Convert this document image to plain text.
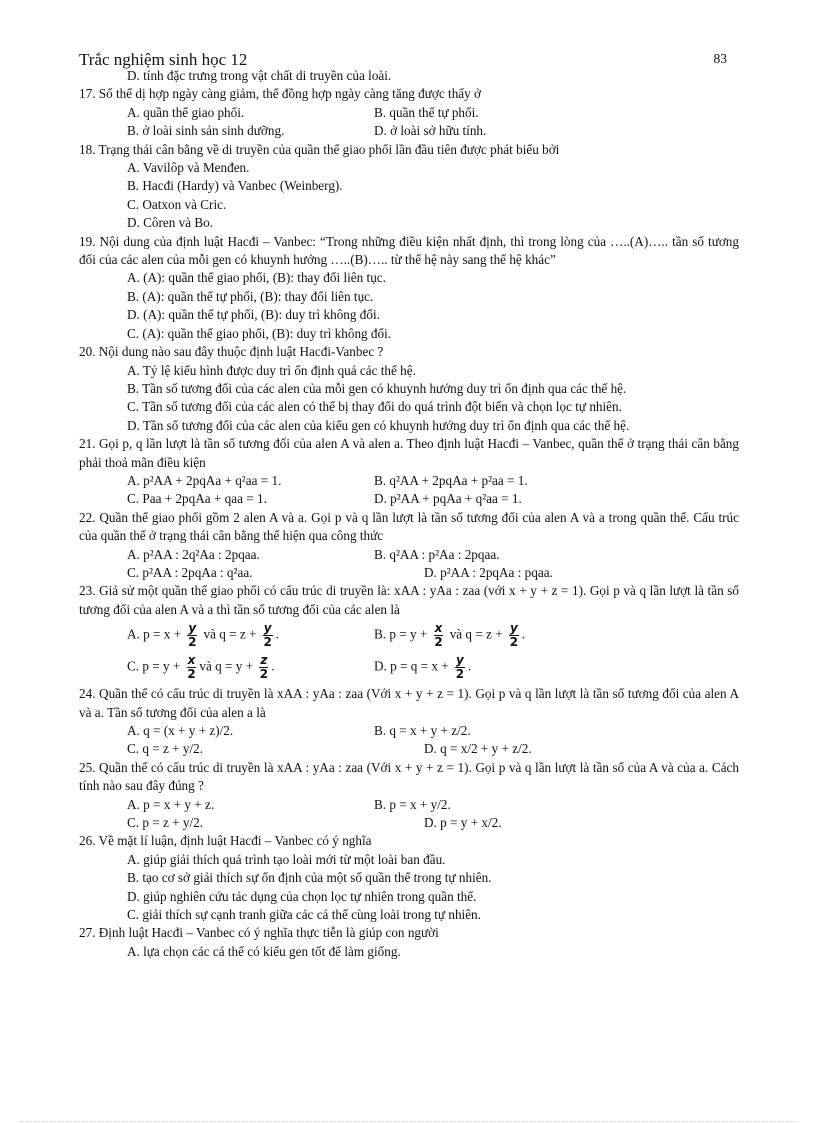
Trắc nghiệm sinh học 12	83

D. tính đặc trưng trong vật chất di truyền của loài.

17. Số thể dị hợp ngày càng giảm, thể đồng hợp ngày càng tăng được thấy ở

A. quần thể giao phối.	B. quần thể tự phối.
B. ở loài sinh sản sinh dưỡng.	D. ở loài sở hữu tính.

18. Trạng thái cân bằng về di truyền của quần thể giao phối lần đầu tiên được phát biểu bởi

A. Vavilôp và Menđen.

B. Hacđi (Hardy) và Vanbec (Weinberg).

C. Oatxon và Cric.

D. Côren và Bo.

19. Nội dung của định luật Hacđi – Vanbec: “Trong những điều kiện nhất định, thì trong lòng của …..(A)….. tần số tương đối của các alen của mỗi gen có khuynh hướng …..(B)….. từ thế hệ này sang thế hệ khác”

A. (A): quần thể giao phối, (B): thay đổi liên tục.

B. (A): quần thể tự phối, (B): thay đổi liên tục.

D. (A): quần thể tự phối, (B): duy trì không đổi.

C. (A): quần thể giao phối, (B): duy trì không đổi.

20. Nội dung nào sau đây thuộc định luật Hacđi-Vanbec ?

A. Tỷ lệ kiểu hình được duy trì ổn định quá các thế hệ.

B. Tần số tương đối của các alen của mỗi gen có khuynh hướng duy trì ổn định qua các thế hệ.

C. Tần số tương đối của các alen có thể bị thay đổi do quá trình đột biến và chọn lọc tự nhiên.

D. Tần số tương đối của các alen của kiểu gen có khuynh hướng duy trì ổn định qua các thế hệ.

21. Gọi p, q lần lượt là tần số tương đối của alen A và alen a. Theo định luật Hacđi – Vanbec, quần thể ở trạng thái cân bằng phải thoả mãn điều kiện

A. p²AA + 2pqAa + q²aa = 1.	B. q²AA + 2pqAa + p²aa = 1.
C. Paa + 2pqAa + qaa = 1.	D. p²AA + pqAa + q²aa = 1.

22. Quần thể giao phối gồm 2 alen A và a. Gọi p và q lần lượt là tần số tương đối của alen A và a trong quần thể. Cấu trúc của quần thể ở trạng thái cân bằng thể hiện qua công thức

A. p²AA : 2q²Aa : 2pqaa.	B. q²AA : p²Aa : 2pqaa.
C. p²AA : 2pqAa : q²aa.	D. p²AA : 2pqAa : pqaa.

23. Giả sử một quần thể giao phối có cấu trúc di truyền là: xAA : yAa : zaa (với x + y + z = 1). Gọi p và q lần lượt là tần số tương đối của alen A và a thì tần số tương đối của các alen là

A. $p = x + \frac{y}{2}$ và $q = z + \frac{y}{2}$ .	B. $p = y + \frac{x}{2}$ và $q = z + \frac{y}{2}$ .
C. $p = y + \frac{x}{2}$ và $q = y + \frac{z}{2}$ .	D. $p = q = x + \frac{y}{2}$ .

24. Quần thể có cấu trúc di truyền là xAA : yAa : zaa (Với x + y + z = 1). Gọi p và q lần lượt là tần số tương đối của alen A và a. Tần số tương đối của alen a là

A. q = (x + y + z)/2.	B. q = x + y + z/2.
C. q = z + y/2.	D. q = x/2 + y + z/2.

25. Quần thể có cấu trúc di truyền là xAA : yAa : zaa (Với x + y + z = 1). Gọi p và q lần lượt là tần số của A và của a. Cách tính nào sau đây đúng ?

A. p = x + y + z.	B. p = x + y/2.
C. p = z + y/2.	D. p = y + x/2.

26. Về mặt lí luận, định luật Hacđi – Vanbec có ý nghĩa

A. giúp giải thích quá trình tạo loài mới từ một loài ban đầu.

B. tạo cơ sở giải thích sự ổn định của một số quần thể trong tự nhiên.

D. giúp nghiên cứu tác dụng của chọn lọc tự nhiên trong quần thể.

C. giải thích sự cạnh tranh giữa các cá thể cùng loài trong tự nhiên.

27. Định luật Hacđi – Vanbec có ý nghĩa thực tiễn là giúp con người

A. lựa chọn các cá thể có kiểu gen tốt để làm giống.
